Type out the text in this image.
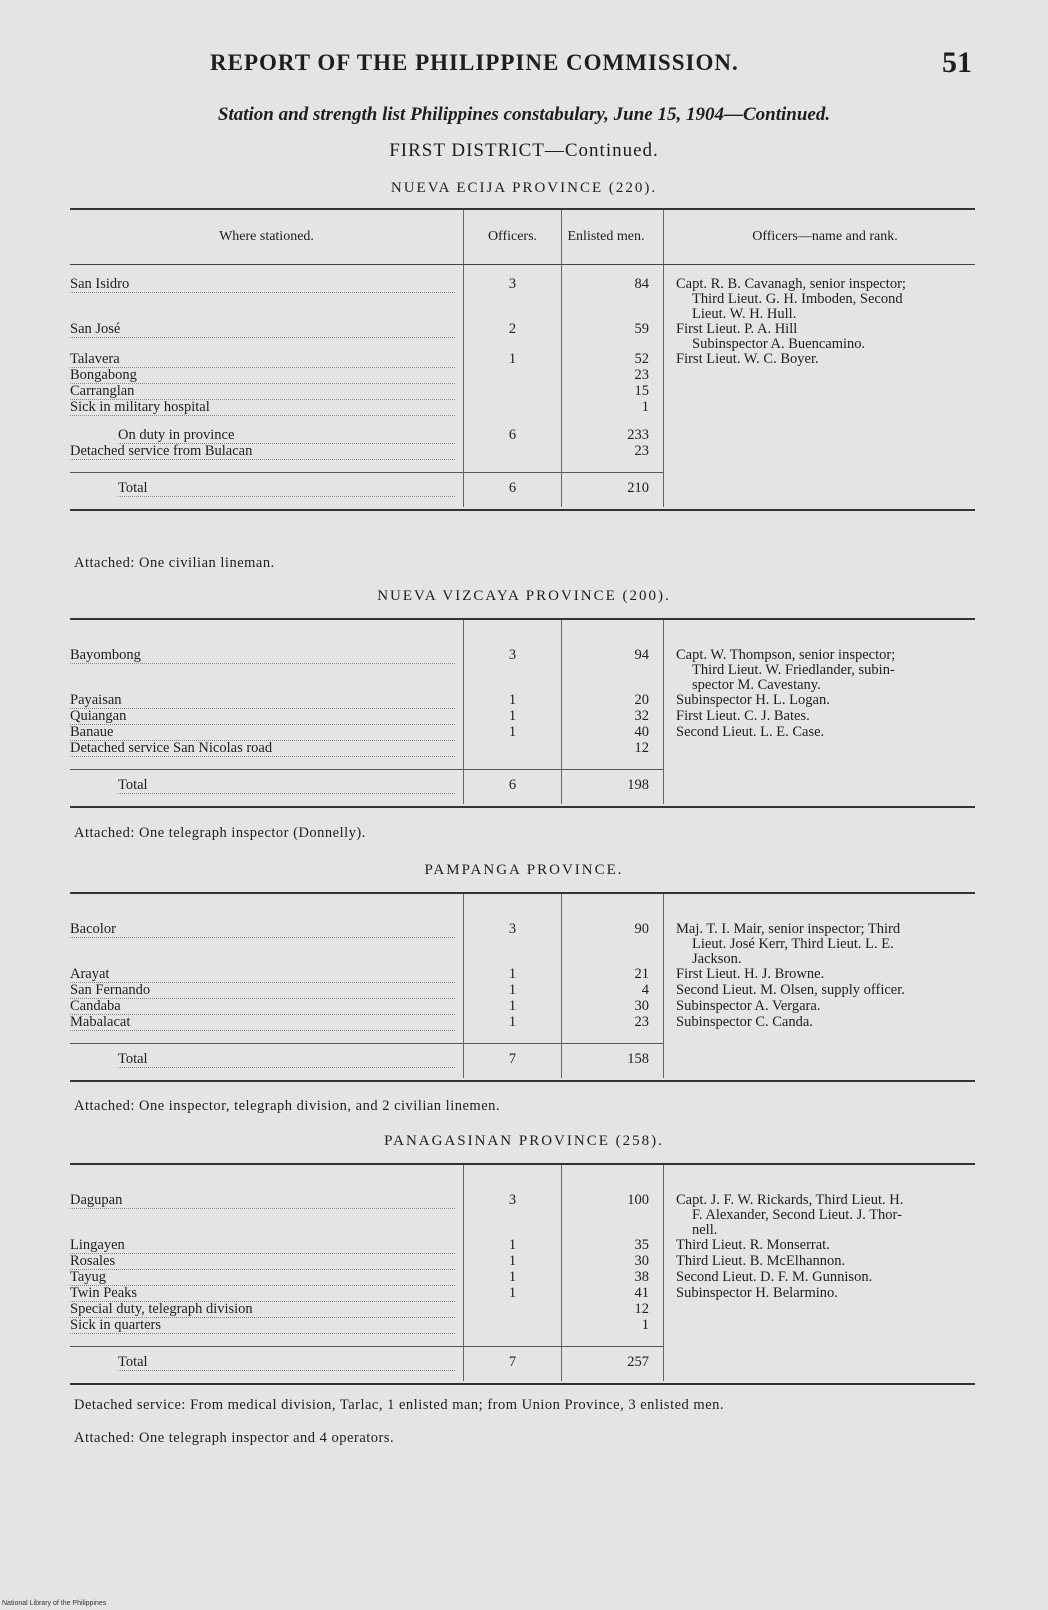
REPORT OF THE PHILIPPINE COMMISSION.	51
Station and strength list Philippines constabulary, June 15, 1904—Continued.
FIRST DISTRICT—Continued.
NUEVA ECIJA PROVINCE (220).
Where stationed.	Officers.	Enlisted men.	Officers—name and rank.

San Isidro	3	84	Capt. R. B. Cavanagh, senior inspector;
Third Lieut. G. H. Imboden, Second
Lieut. W. H. Hull.

San José	2	59	First Lieut. P. A. Hill
Subinspector A. Buencamino.

Talavera	1	52	First Lieut. W. C. Boyer.

Bongabong		23	

Carranglan		15	

Sick in military hospital		1	

On duty in province	6	233	

Detached service from Bulacan		23	

Total	6	210	

Attached: One civilian lineman.
NUEVA VIZCAYA PROVINCE (200).

Bayombong	3	94	Capt. W. Thompson, senior inspector;
Third Lieut. W. Friedlander, subin-
spector M. Cavestany.

Payaisan	1	20	Subinspector H. L. Logan.

Quiangan	1	32	First Lieut. C. J. Bates.

Banaue	1	40	Second Lieut. L. E. Case.

Detached service San Nicolas road		12	

Total	6	198	

Attached: One telegraph inspector (Donnelly).
PAMPANGA PROVINCE.

Bacolor	3	90	Maj. T. I. Mair, senior inspector; Third
Lieut. José Kerr, Third Lieut. L. E.
Jackson.

Arayat	1	21	First Lieut. H. J. Browne.

San Fernando	1	4	Second Lieut. M. Olsen, supply officer.

Candaba	1	30	Subinspector A. Vergara.

Mabalacat	1	23	Subinspector C. Canda.

Total	7	158	

Attached: One inspector, telegraph division, and 2 civilian linemen.
PANAGASINAN PROVINCE (258).

Dagupan	3	100	Capt. J. F. W. Rickards, Third Lieut. H.
F. Alexander, Second Lieut. J. Thor-
nell.

Lingayen	1	35	Third Lieut. R. Monserrat.

Rosales	1	30	Third Lieut. B. McElhannon.

Tayug	1	38	Second Lieut. D. F. M. Gunnison.

Twin Peaks	1	41	Subinspector H. Belarmino.

Special duty, telegraph division		12	

Sick in quarters		1	

Total	7	257	

Detached service: From medical division, Tarlac, 1 enlisted man; from Union Province, 3 enlisted men.
Attached: One telegraph inspector and 4 operators.
National Library of the Philippines
